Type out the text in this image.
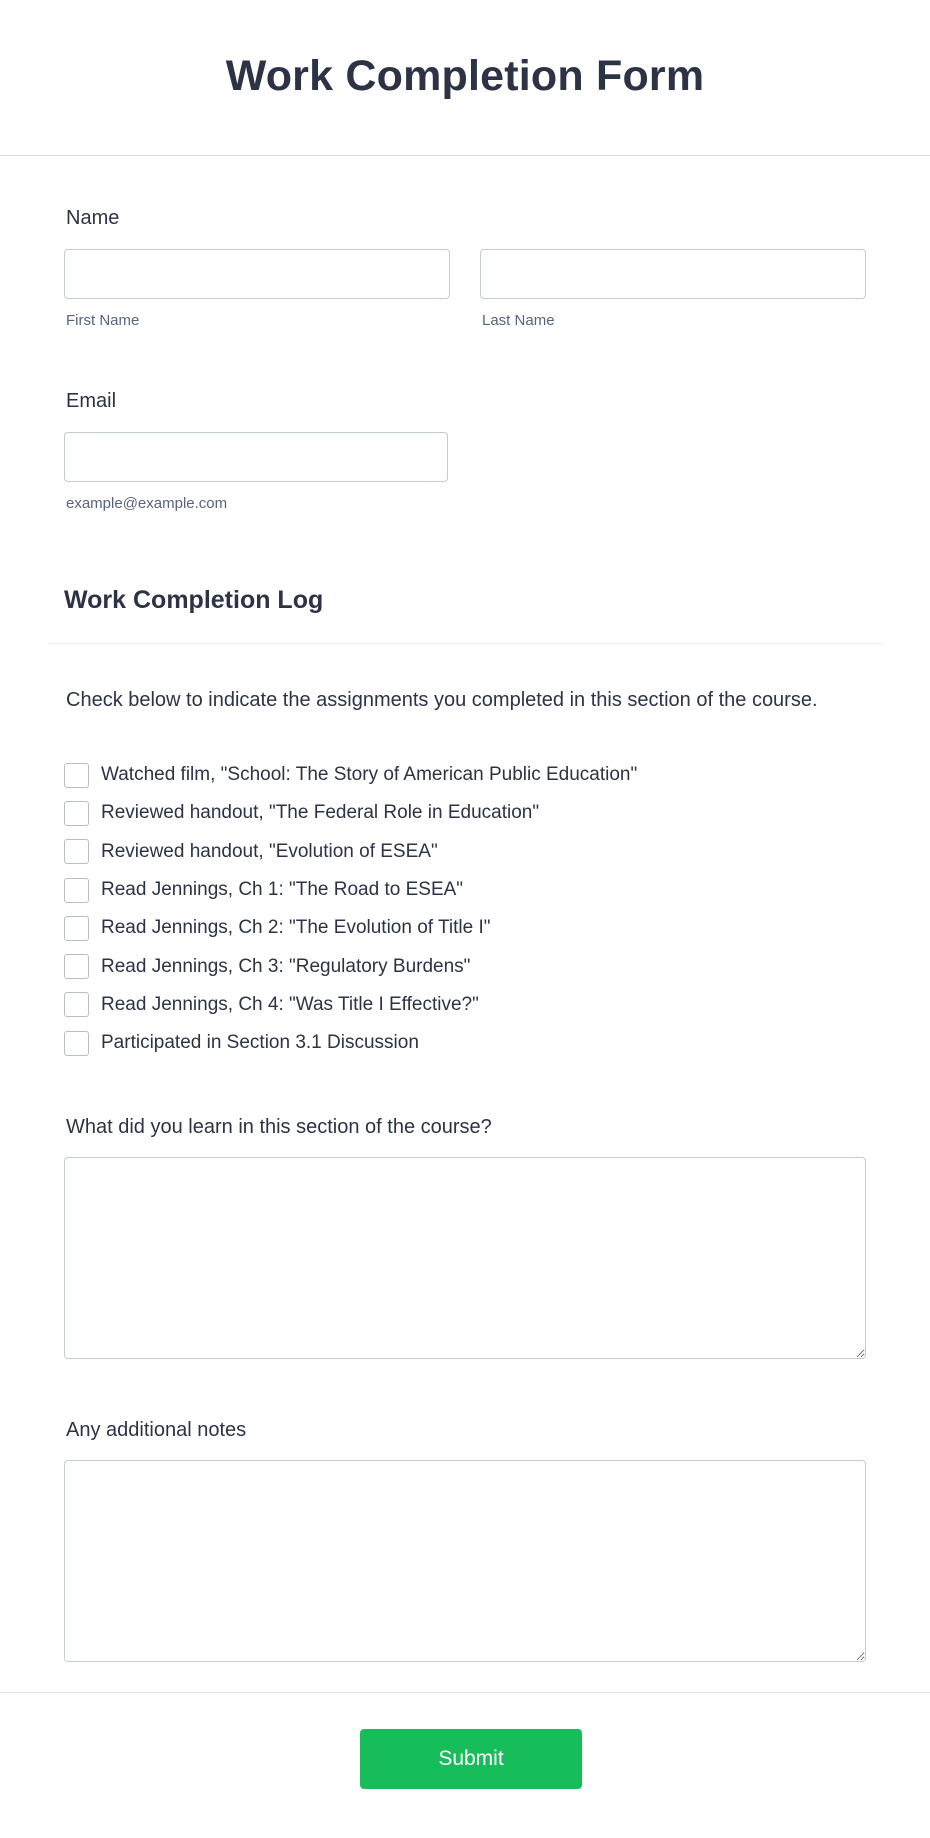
Work Completion Form
Name
First Name	Last Name
Email
example@example.com
Work Completion Log
Check below to indicate the assignments you completed in this section of the course.
Watched film, "School: The Story of American Public Education"
Reviewed handout, "The Federal Role in Education"
Reviewed handout, "Evolution of ESEA"
Read Jennings, Ch 1: "The Road to ESEA"
Read Jennings, Ch 2: "The Evolution of Title I"
Read Jennings, Ch 3: "Regulatory Burdens"
Read Jennings, Ch 4: "Was Title I Effective?"
Participated in Section 3.1 Discussion
What did you learn in this section of the course?
Any additional notes
Submit
